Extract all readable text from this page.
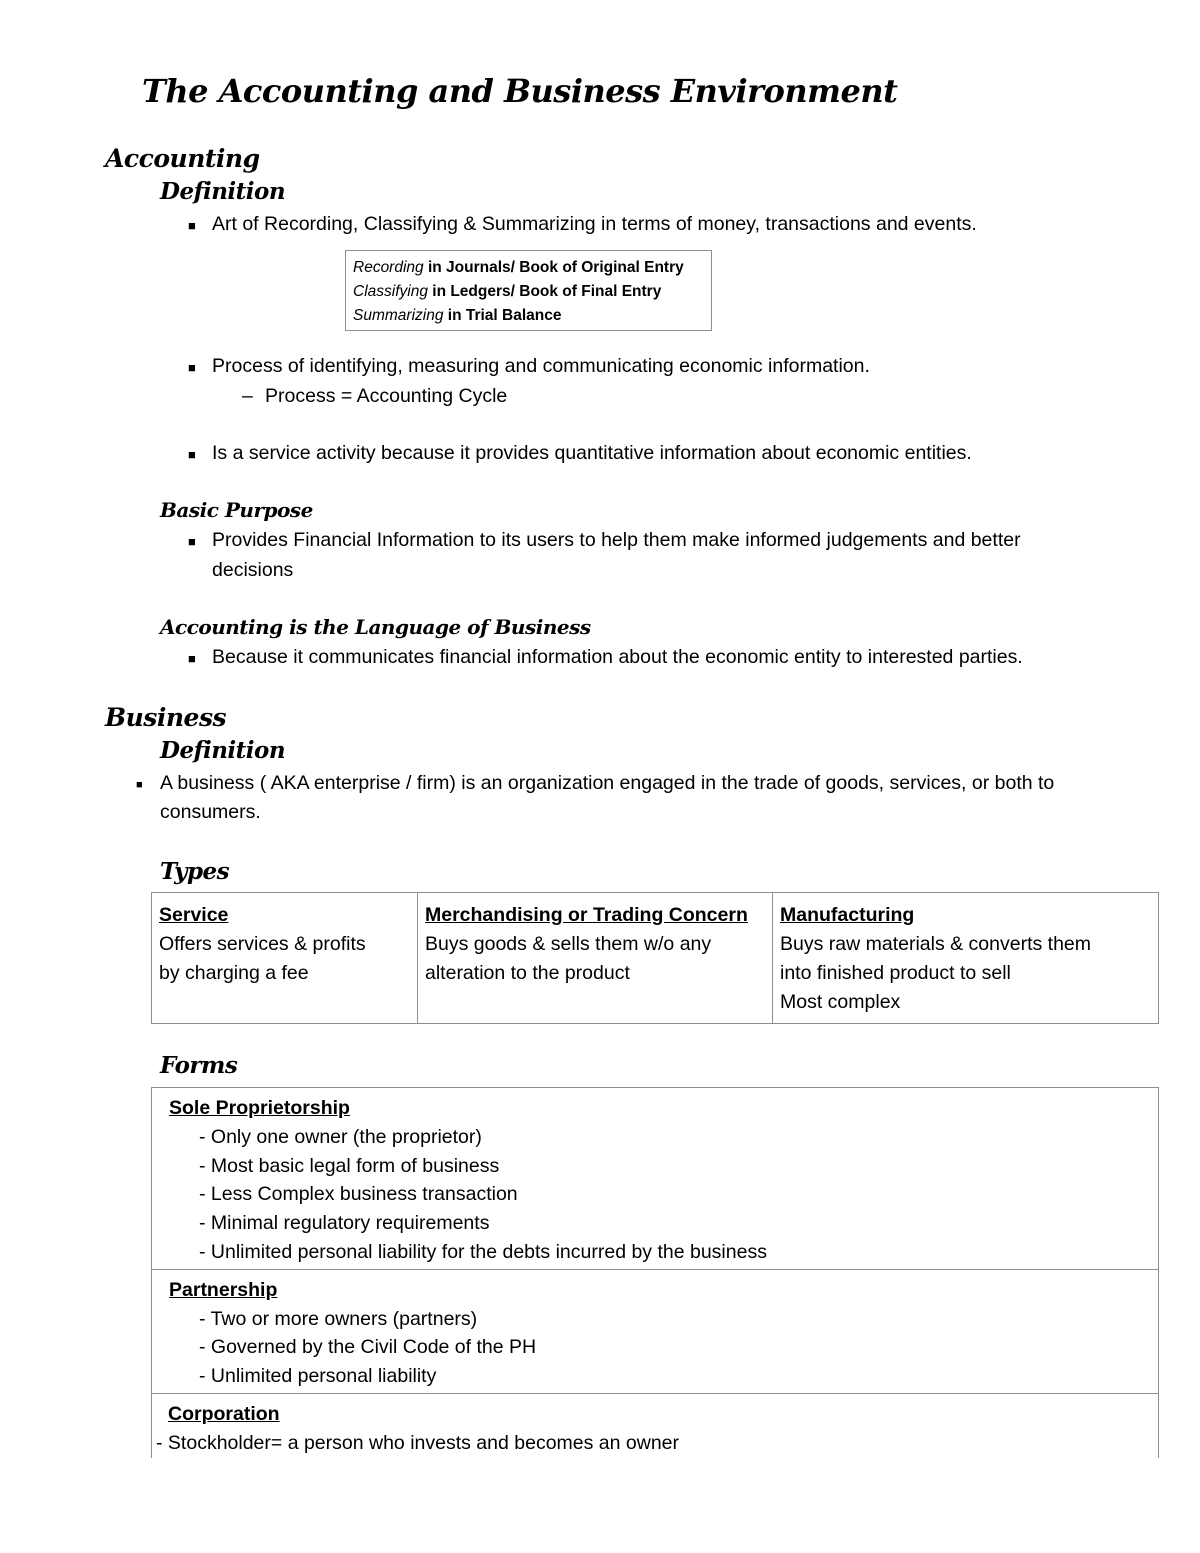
The Accounting and Business Environment
Accounting
Definition
■ Art of Recording, Classifying & Summarizing in terms of money, transactions and events.
Recording in Journals/ Book of Original Entry
Classifying in Ledgers/ Book of Final Entry
Summarizing in Trial Balance
■ Process of identifying, measuring and communicating economic information.
– Process = Accounting Cycle
■ Is a service activity because it provides quantitative information about economic entities.
Basic Purpose
■ Provides Financial Information to its users to help them make informed judgements and better
decisions
Accounting is the Language of Business
■ Because it communicates financial information about the economic entity to interested parties.
Business
Definition
■ A business ( AKA enterprise / firm) is an organization engaged in the trade of goods, services, or both to
consumers.
Types
Service
Offers services & profits
by charging a fee

Merchandising or Trading Concern
Buys goods & sells them w/o any
alteration to the product

Manufacturing
Buys raw materials & converts them
into finished product to sell
Most complex
Forms
Sole Proprietorship
- Only one owner (the proprietor)
- Most basic legal form of business
- Less Complex business transaction
- Minimal regulatory requirements
- Unlimited personal liability for the debts incurred by the business
Partnership
- Two or more owners (partners)
- Governed by the Civil Code of the PH
- Unlimited personal liability
Corporation
- Stockholder= a person who invests and becomes an owner
